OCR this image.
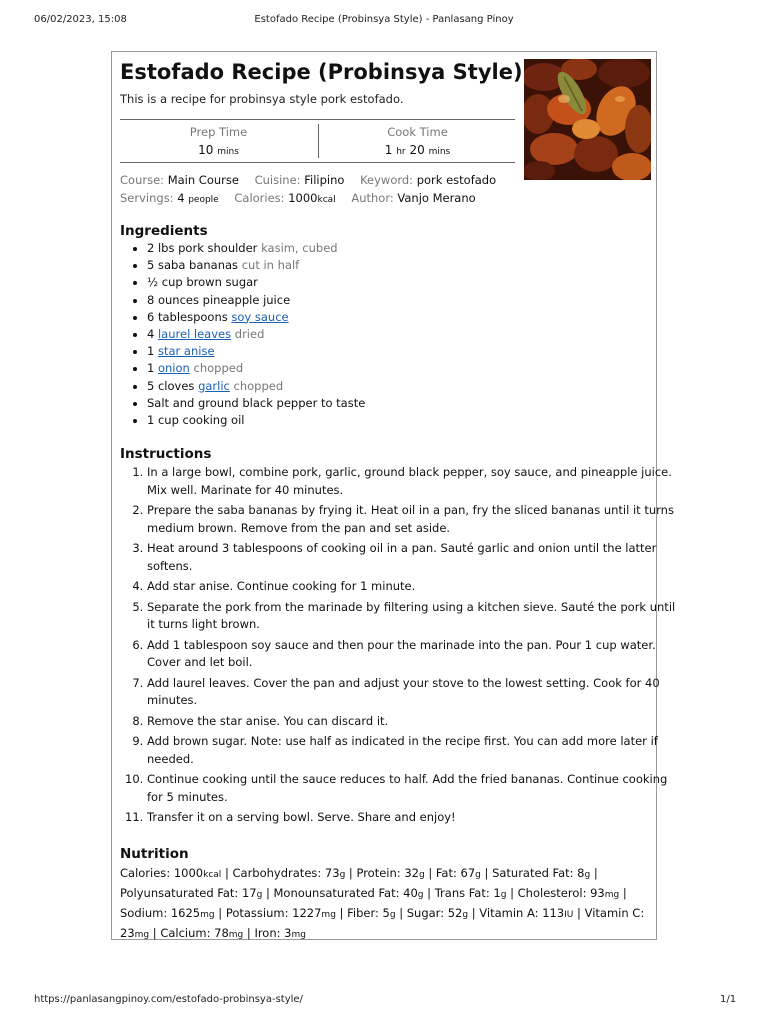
06/02/2023, 15:08	Estofado Recipe (Probinsya Style) - Panlasang Pinoy
Estofado Recipe (Probinsya Style)
This is a recipe for probinsya style pork estofado.
Prep Time
10 mins
Cook Time
1 hr 20 mins
Course: Main Course Cuisine: Filipino Keyword: pork estofado
Servings: 4 people Calories: 1000kcal Author: Vanjo Merano
Ingredients
• 2 lbs pork shoulder kasim, cubed
• 5 saba bananas cut in half
• ½ cup brown sugar
• 8 ounces pineapple juice
• 6 tablespoons soy sauce
• 4 laurel leaves dried
• 1 star anise
• 1 onion chopped
• 5 cloves garlic chopped
• Salt and ground black pepper to taste
• 1 cup cooking oil
Instructions
1. In a large bowl, combine pork, garlic, ground black pepper, soy sauce, and pineapple juice. Mix well. Marinate for 40 minutes.
2. Prepare the saba bananas by frying it. Heat oil in a pan, fry the sliced bananas until it turns medium brown. Remove from the pan and set aside.
3. Heat around 3 tablespoons of cooking oil in a pan. Sauté garlic and onion until the latter softens.
4. Add star anise. Continue cooking for 1 minute.
5. Separate the pork from the marinade by filtering using a kitchen sieve. Sauté the pork until it turns light brown.
6. Add 1 tablespoon soy sauce and then pour the marinade into the pan. Pour 1 cup water. Cover and let boil.
7. Add laurel leaves. Cover the pan and adjust your stove to the lowest setting. Cook for 40 minutes.
8. Remove the star anise. You can discard it.
9. Add brown sugar. Note: use half as indicated in the recipe first. You can add more later if needed.
10. Continue cooking until the sauce reduces to half. Add the fried bananas. Continue cooking for 5 minutes.
11. Transfer it on a serving bowl. Serve. Share and enjoy!
Nutrition
Calories: 1000kcal | Carbohydrates: 73g | Protein: 32g | Fat: 67g | Saturated Fat: 8g | Polyunsaturated Fat: 17g | Monounsaturated Fat: 40g | Trans Fat: 1g | Cholesterol: 93mg | Sodium: 1625mg | Potassium: 1227mg | Fiber: 5g | Sugar: 52g | Vitamin A: 113IU | Vitamin C: 23mg | Calcium: 78mg | Iron: 3mg
https://panlasangpinoy.com/estofado-probinsya-style/	1/1
